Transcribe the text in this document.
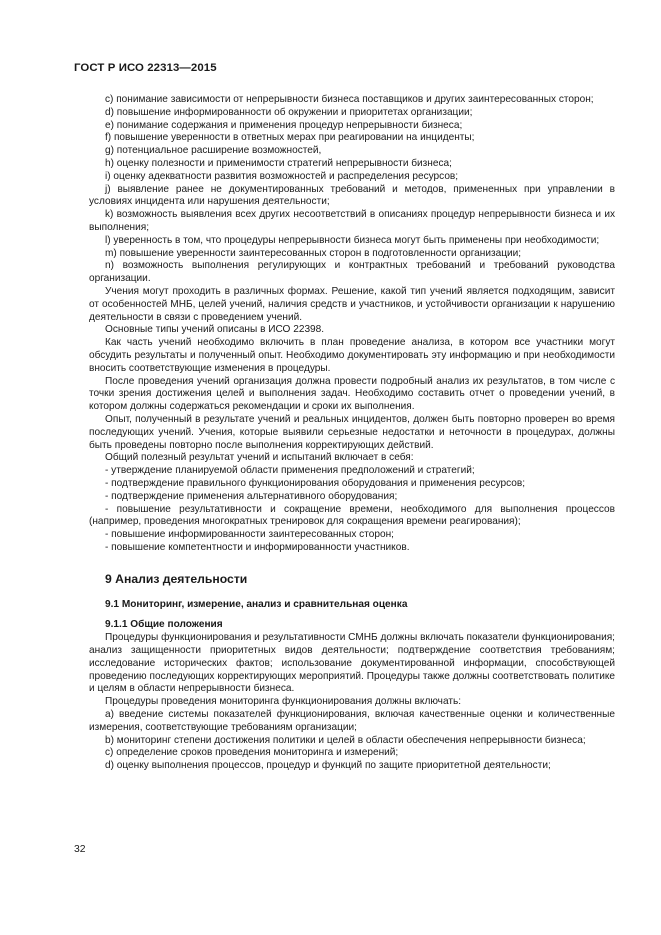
ГОСТ Р ИСО 22313—2015

c) понимание зависимости от непрерывности бизнеса поставщиков и других заинтересованных сторон;

d) повышение информированности об окружении и приоритетах организации;

e) понимание содержания и применения процедур непрерывности бизнеса;

f) повышение уверенности в ответных мерах при реагировании на инциденты;

g) потенциальное расширение возможностей,

h) оценку полезности и применимости стратегий непрерывности бизнеса;

i) оценку адекватности развития возможностей и распределения ресурсов;

j) выявление ранее не документированных требований и методов, примененных при управлении в условиях инцидента или нарушения деятельности;

k) возможность выявления всех других несоответствий в описаниях процедур непрерывности бизнеса и их выполнения;

l) уверенность в том, что процедуры непрерывности бизнеса могут быть применены при необходимости;

m) повышение уверенности заинтересованных сторон в подготовленности организации;

n) возможность выполнения регулирующих и контрактных требований и требований руководства организации.

Учения могут проходить в различных формах. Решение, какой тип учений является подходящим, зависит от особенностей МНБ, целей учений, наличия средств и участников, и устойчивости организации к нарушению деятельности в связи с проведением учений.

Основные типы учений описаны в ИСО 22398.

Как часть учений необходимо включить в план проведение анализа, в котором все участники могут обсудить результаты и полученный опыт. Необходимо документировать эту информацию и при необходимости вносить соответствующие изменения в процедуры.

После проведения учений организация должна провести подробный анализ их результатов, в том числе с точки зрения достижения целей и выполнения задач. Необходимо составить отчет о проведении учений, в котором должны содержаться рекомендации и сроки их выполнения.

Опыт, полученный в результате учений и реальных инцидентов, должен быть повторно проверен во время последующих учений. Учения, которые выявили серьезные недостатки и неточности в процедурах, должны быть проведены повторно после выполнения корректирующих действий.

Общий полезный результат учений и испытаний включает в себя:

- утверждение планируемой области применения предположений и стратегий;

- подтверждение правильного функционирования оборудования и применения ресурсов;

- подтверждение применения альтернативного оборудования;

- повышение результативности и сокращение времени, необходимого для выполнения процессов (например, проведения многократных тренировок для сокращения времени реагирования);

- повышение информированности заинтересованных сторон;

- повышение компетентности и информированности участников.

9 Анализ деятельности

9.1 Мониторинг, измерение, анализ и сравнительная оценка

9.1.1 Общие положения

Процедуры функционирования и результативности СМНБ должны включать показатели функционирования; анализ защищенности приоритетных видов деятельности; подтверждение соответствия требованиям; исследование исторических фактов; использование документированной информации, способствующей проведению последующих корректирующих мероприятий. Процедуры также должны соответствовать политике и целям в области непрерывности бизнеса.

Процедуры проведения мониторинга функционирования должны включать:

a) введение системы показателей функционирования, включая качественные оценки и количественные измерения, соответствующие требованиям организации;

b) мониторинг степени достижения политики и целей в области обеспечения непрерывности бизнеса;

c) определение сроков проведения мониторинга и измерений;

d) оценку выполнения процессов, процедур и функций по защите приоритетной деятельности;

32
